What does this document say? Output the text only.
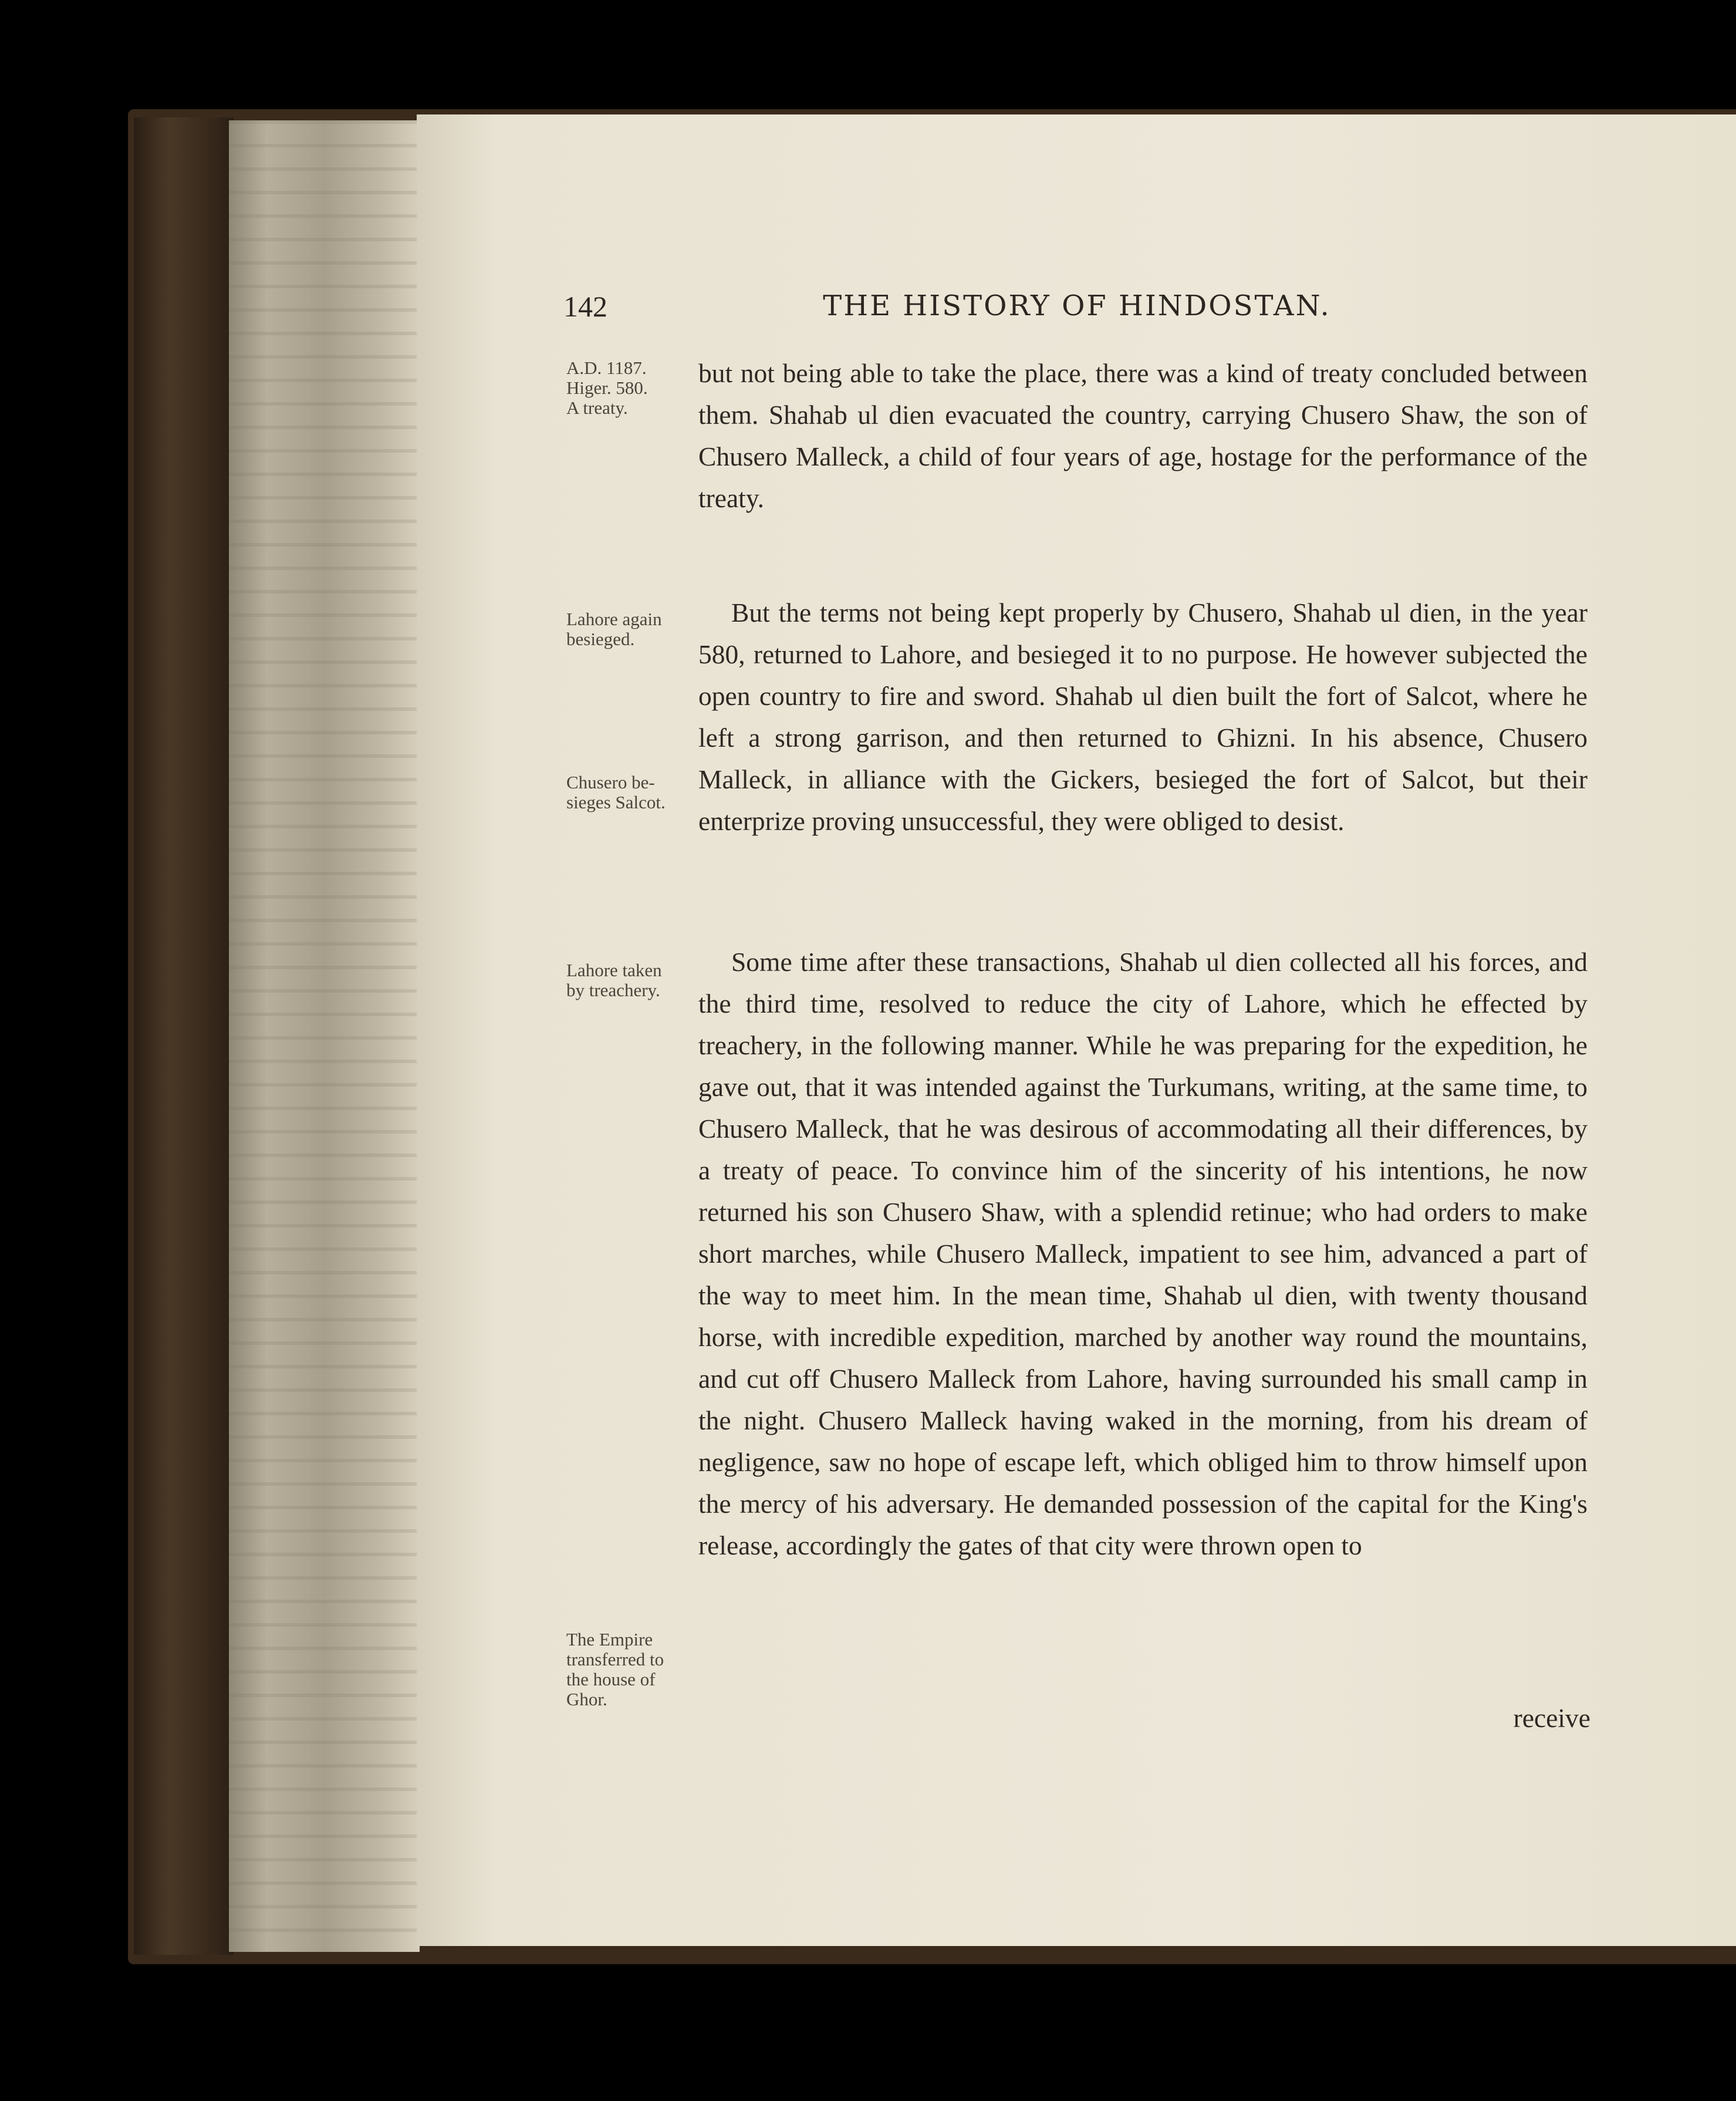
142	THE HISTORY OF HINDOSTAN.
A.D. 1187.
Higer. 580.
A treaty.
Lahore again
besieged.
Chusero be-
sieges Salcot.
Lahore taken
by treachery.
The Empire
transferred to
the house of
Ghor.

but not being able to take the place, there was a kind of treaty concluded between them. Shahab ul dien evacuated the country, carrying Chusero Shaw, the son of Chusero Malleck, a child of four years of age, hostage for the performance of the treaty.

But the terms not being kept properly by Chusero, Shahab ul dien, in the year 580, returned to Lahore, and besieged it to no purpose. He however subjected the open country to fire and sword. Shahab ul dien built the fort of Salcot, where he left a strong garrison, and then returned to Ghizni. In his absence, Chusero Malleck, in alliance with the Gickers, besieged the fort of Salcot, but their enterprize proving unsuccessful, they were obliged to desist.

Some time after these transactions, Shahab ul dien collected all his forces, and the third time, resolved to reduce the city of Lahore, which he effected by treachery, in the following manner. While he was preparing for the expedition, he gave out, that it was intended against the Turkumans, writing, at the same time, to Chusero Malleck, that he was desirous of accommodating all their differences, by a treaty of peace. To convince him of the sincerity of his intentions, he now returned his son Chusero Shaw, with a splendid retinue; who had orders to make short marches, while Chusero Malleck, impatient to see him, advanced a part of the way to meet him. In the mean time, Shahab ul dien, with twenty thousand horse, with incredible expedition, marched by another way round the mountains, and cut off Chusero Malleck from Lahore, having surrounded his small camp in the night. Chusero Malleck having waked in the morning, from his dream of negligence, saw no hope of escape left, which obliged him to throw himself upon the mercy of his adversary. He demanded possession of the capital for the King's release, accordingly the gates of that city were thrown open to

receive
